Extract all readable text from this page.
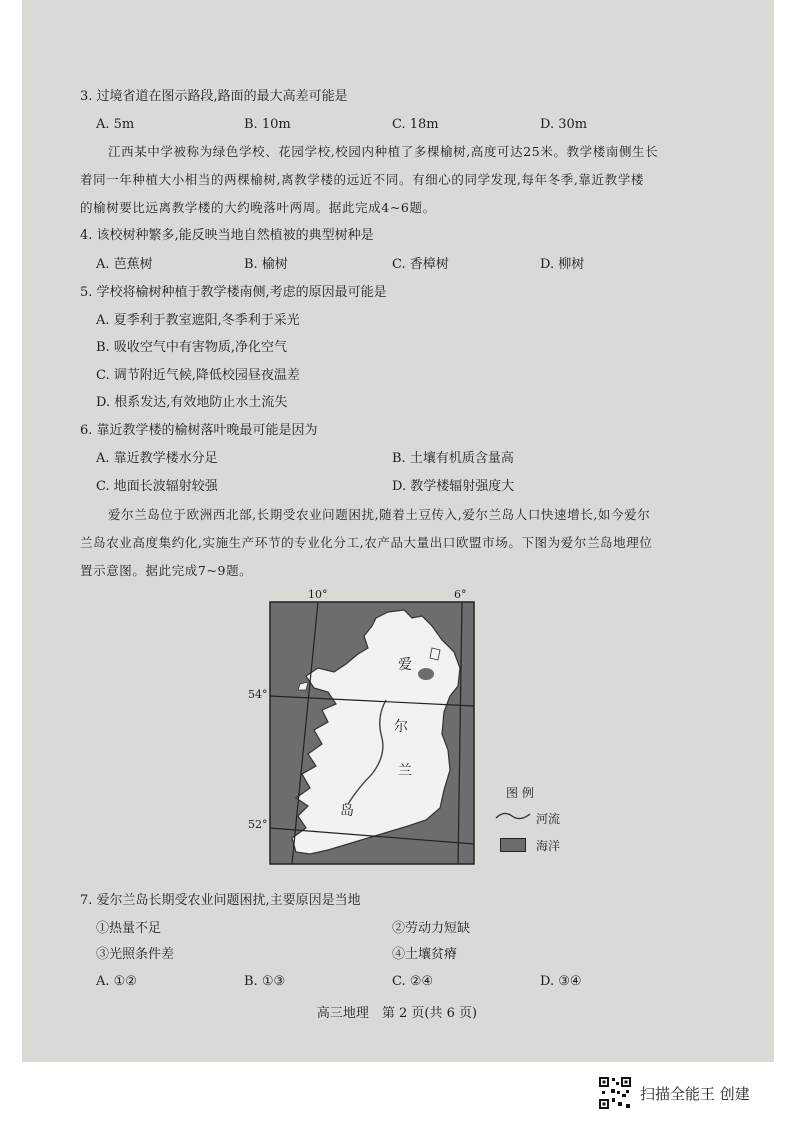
3. 过境省道在图示路段,路面的最大高差可能是
A. 5m	B. 10m	C. 18m	D. 30m
江西某中学被称为绿色学校、花园学校,校园内种植了多棵榆树,高度可达25米。教学楼南侧生长
着同一年种植大小相当的两棵榆树,离教学楼的远近不同。有细心的同学发现,每年冬季,靠近教学楼
的榆树要比远离教学楼的大约晚落叶两周。据此完成4~6题。
4. 该校树种繁多,能反映当地自然植被的典型树种是
A. 芭蕉树	B. 榆树	C. 香樟树	D. 柳树
5. 学校将榆树种植于教学楼南侧,考虑的原因最可能是
A. 夏季利于教室遮阳,冬季利于采光
B. 吸收空气中有害物质,净化空气
C. 调节附近气候,降低校园昼夜温差
D. 根系发达,有效地防止水土流失
6. 靠近教学楼的榆树落叶晚最可能是因为
A. 靠近教学楼水分足	B. 土壤有机质含量高
C. 地面长波辐射较强	D. 教学楼辐射强度大
爱尔兰岛位于欧洲西北部,长期受农业问题困扰,随着土豆传入,爱尔兰岛人口快速增长,如今爱尔
兰岛农业高度集约化,实施生产环节的专业化分工,农产品大量出口欧盟市场。下图为爱尔兰岛地理位
置示意图。据此完成7~9题。
10°	6°
54°
52°
爱
尔
兰
岛
图 例
河流
海洋
7. 爱尔兰岛长期受农业问题困扰,主要原因是当地
①热量不足	②劳动力短缺
③光照条件差	④土壤贫瘠
A. ①②	B. ①③	C. ②④	D. ③④
高三地理　第 2 页(共 6 页)
扫描全能王 创建
